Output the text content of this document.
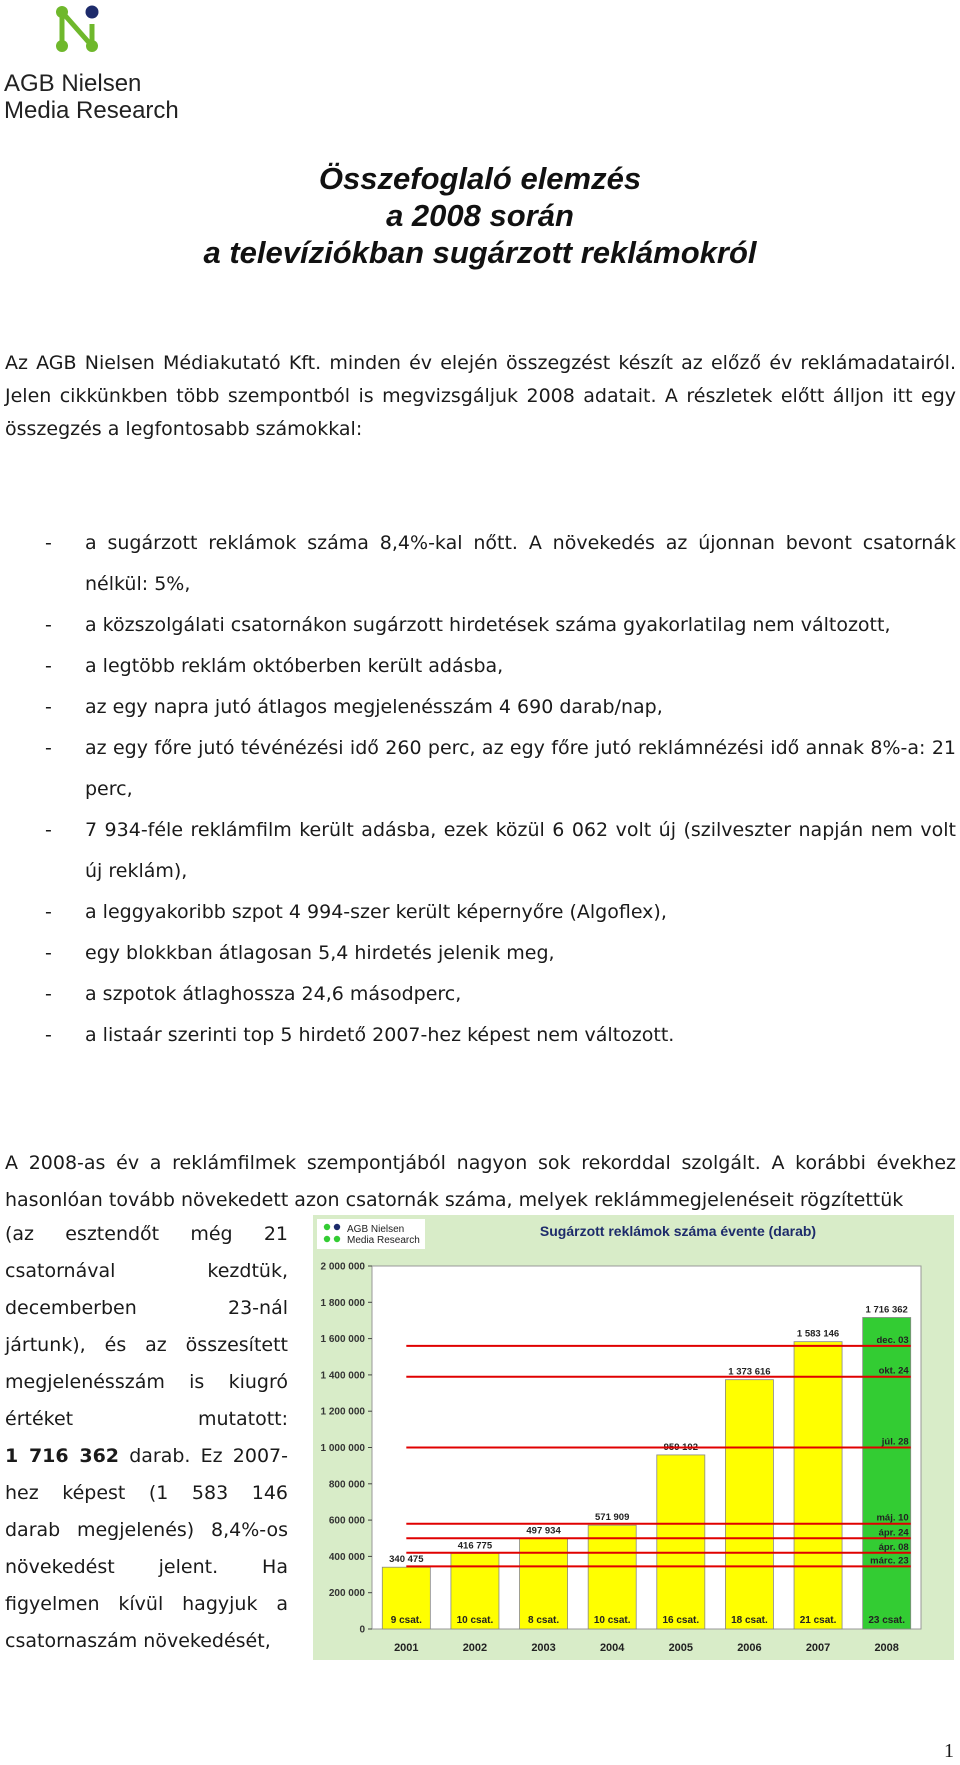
AGB Nielsen
Media Research
Összefoglaló elemzés
a 2008 során
a televíziókban sugárzott reklámokról
Az AGB Nielsen Médiakutató Kft. minden év elején összegzést készít az előző év reklámadatairól. Jelen cikkünkben több szempontból is megvizsgáljuk 2008 adatait. A részletek előtt álljon itt egy összegzés a legfontosabb számokkal:
- a sugárzott reklámok száma 8,4%-kal nőtt. A növekedés az újonnan bevont csatornák nélkül: 5%,
- a közszolgálati csatornákon sugárzott hirdetések száma gyakorlatilag nem változott,
- a legtöbb reklám októberben került adásba,
- az egy napra jutó átlagos megjelenésszám 4 690 darab/nap,
- az egy főre jutó tévénézési idő 260 perc, az egy főre jutó reklámnézési idő annak 8%-a: 21 perc,
- 7 934-féle reklámfilm került adásba, ezek közül 6 062 volt új (szilveszter napján nem volt új reklám),
- a leggyakoribb szpot 4 994-szer került képernyőre (Algoflex),
- egy blokkban átlagosan 5,4 hirdetés jelenik meg,
- a szpotok átlaghossza 24,6 másodperc,
- a listaár szerinti top 5 hirdető 2007-hez képest nem változott.
A 2008-as év a reklámfilmek szempontjából nagyon sok rekorddal szolgált. A korábbi évekhez hasonlóan tovább növekedett azon csatornák száma, melyek reklámmegjelenéseit rögzítettük
(az esztendőt még 21
csatornával kezdtük,
decemberben 23-nál
jártunk), és az összesített
megjelenésszám is kiugró
értéket mutatott:
1 716 362 darab. Ez 2007-
hez képest (1 583 146
darab megjelenés) 8,4%-os
növekedést jelent. Ha
figyelmen kívül hagyjuk a
csatornaszám növekedését,
AGB Nielsen
Media Research
Sugárzott reklámok száma évente (darab)
0
200 000
400 000
600 000
800 000
1 000 000
1 200 000
1 400 000
1 600 000
1 800 000
2 000 000
340 475
9 csat.
2001
416 775
10 csat.
2002
497 934
8 csat.
2003
571 909
10 csat.
2004
959 102
16 csat.
2005
1 373 616
18 csat.
2006
1 583 146
21 csat.
2007
1 716 362
23 csat.
2008
dec. 03
okt. 24
júl. 28
máj. 10
ápr. 24
ápr. 08
márc. 23
1
